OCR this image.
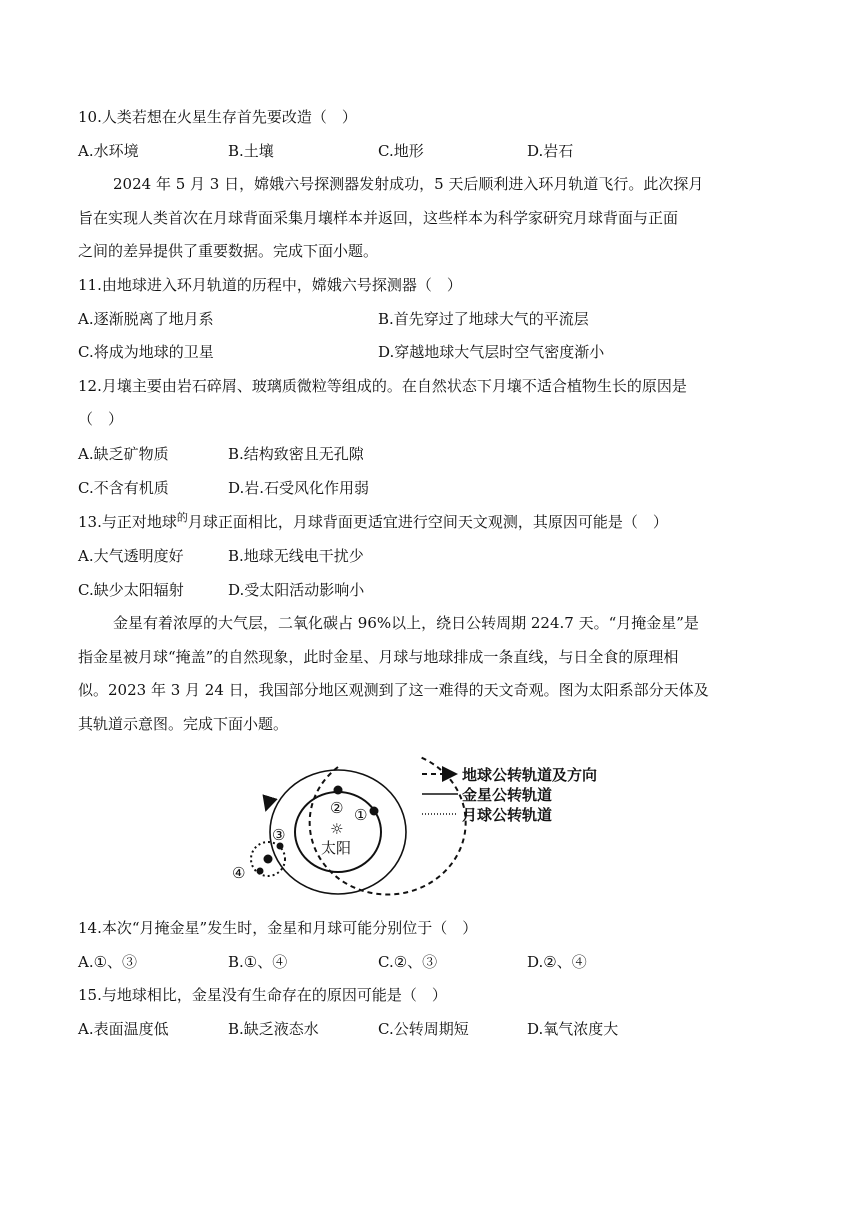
10.人类若想在火星生存首先要改造（　）
A.水环境	B.土壤	C.地形	D.岩石
2024 年 5 月 3 日，嫦娥六号探测器发射成功，5 天后顺利进入环月轨道飞行。此次探月
旨在实现人类首次在月球背面采集月壤样本并返回，这些样本为科学家研究月球背面与正面
之间的差异提供了重要数据。完成下面小题。
11.由地球进入环月轨道的历程中，嫦娥六号探测器（　）
A.逐渐脱离了地月系	B.首先穿过了地球大气的平流层
C.将成为地球的卫星	D.穿越地球大气层时空气密度渐小
12.月壤主要由岩石碎屑、玻璃质微粒等组成的。在自然状态下月壤不适合植物生长的原因是
（　）
A.缺乏矿物质	B.结构致密且无孔隙
C.不含有机质	D.岩.石受风化作用弱
13.与正对地球$^的$月球正面相比，月球背面更适宜进行空间天文观测，其原因可能是（　）
A.大气透明度好	B.地球无线电干扰少
C.缺少太阳辐射	D.受太阳活动影响小
金星有着浓厚的大气层，二氧化碳占 96%以上，绕日公转周期 224.7 天。“月掩金星”是
指金星被月球“掩盖”的自然现象，此时金星、月球与地球排成一条直线，与日全食的原理相
似。2023 年 3 月 24 日，我国部分地区观测到了这一难得的天文奇观。图为太阳系部分天体及
其轨道示意图。完成下面小题。
② ①
③
④
☼
太阳
地球公转轨道及方向
金星公转轨道
月球公转轨道
14.本次“月掩金星”发生时，金星和月球可能分别位于（　）
A.①、③	B.①、④	C.②、③	D.②、④
15.与地球相比，金星没有生命存在的原因可能是（　）
A.表面温度低	B.缺乏液态水	C.公转周期短	D.氧气浓度大
